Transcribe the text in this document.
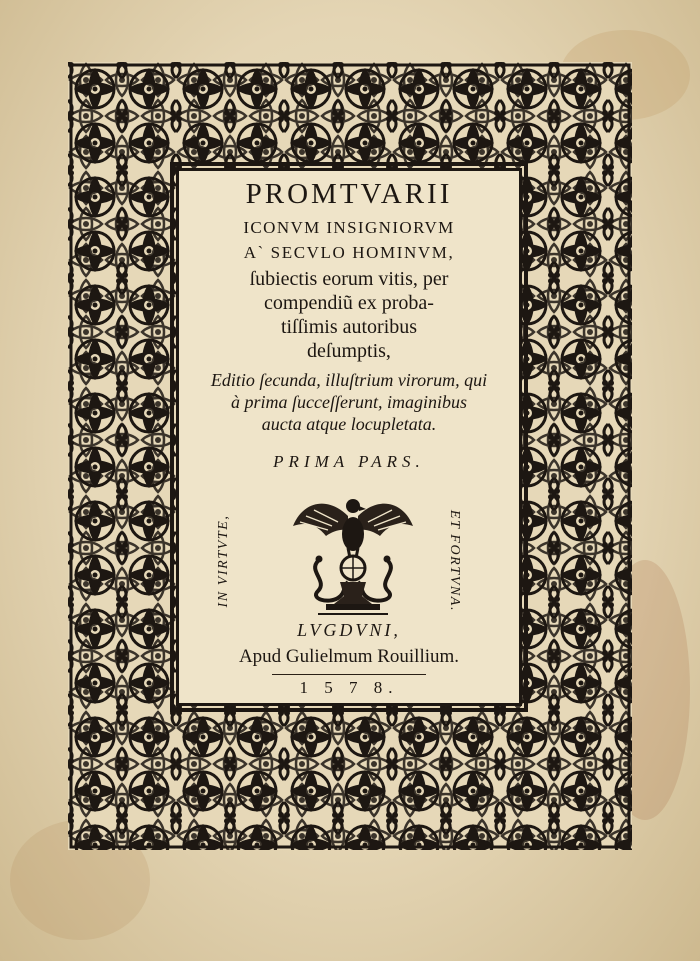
PROMTVARII
ICONVM INSIGNIORVM
A` SECVLO HOMINVM,
ſubiectis eorum vitis, per
compendiũ ex proba-
tiſſimis autoribus
deſumptis,
Editio ſecunda, illuſtrium virorum, qui
à prima ſucceſſerunt, imaginibus
aucta atque locupletata.
PRIMA PARS.
IN VIRTVTE,	ET FORTVNA.
LVGDVNI,
Apud Gulielmum Rouillium.
1 5 7 8.
